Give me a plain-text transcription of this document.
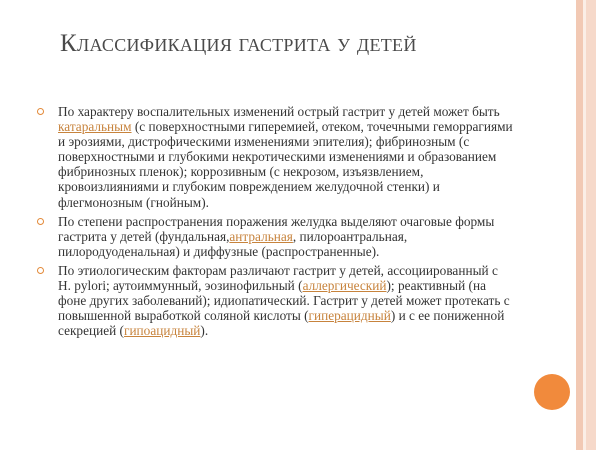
Классификация гастрита у детей
По характеру воспалительных изменений острый гастрит у детей может быть катаральным (с поверхностными гиперемией, отеком, точечными геморрагиями и эрозиями, дистрофическими изменениями эпителия); фибринозным (с поверхностными и глубокими некротическими изменениями и образованием фибринозных пленок); коррозивным (с некрозом, изъязвлением, кровоизлияниями и глубоким повреждением желудочной стенки) и флегмонозным (гнойным).
По степени распространения поражения желудка выделяют очаговые формы гастрита у детей (фундальная,антральная, пилороантральная, пилородуоденальная) и диффузные (распространенные).
По этиологическим факторам различают гастрит у детей, ассоциированный с H. pylori; аутоиммунный, эозинофильный (аллергический); реактивный (на фоне других заболеваний); идиопатический. Гастрит у детей может протекать с повышенной выработкой соляной кислоты (гиперацидный) и с ее пониженной секрецией (гипоацидный).
